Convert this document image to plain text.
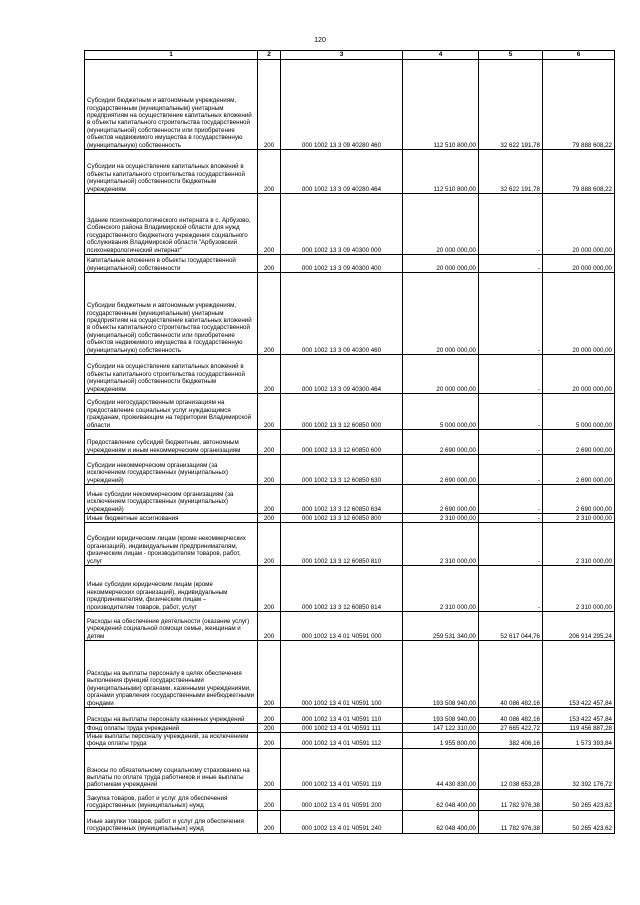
120
1	2	3	4	5	6
Субсидии бюджетным и автономным учреждениям, государственным (муниципальным) унитарным предприятиям на осуществление капитальных вложений в объекты капитального строительства государственной (муниципальной) собственности или приобретение объектов недвижимого имущества в государственную (муниципальную) собственность	200	000 1002 13 3 09 40280 460	112 510 800,00	32 622 191,78	79 888 608,22
Субсидии на осуществление капитальных вложений в объекты капитального строительства государственной (муниципальной) собственности бюджетным учреждениям	200	000 1002 13 3 09 40280 464	112 510 800,00	32 622 191,78	79 888 608,22
Здание психоневрологического интерната в с. Арбузово, Собинского района Владимирской области для нужд государственного бюджетного учреждения социального обслуживания Владимирской области "Арбузовский психоневрологический интернат"	200	000 1002 13 3 09 40300 000	20 000 000,00	-	20 000 000,00
Капитальные вложения в объекты государственной (муниципальной) собственности	200	000 1002 13 3 09 40300 400	20 000 000,00	-	20 000 000,00
Субсидии бюджетным и автономным учреждениям, государственным (муниципальным) унитарным предприятиям на осуществление капитальных вложений в объекты капитального строительства государственной (муниципальной) собственности или приобретение объектов недвижимого имущества в государственную (муниципальную) собственность	200	000 1002 13 3 09 40300 460	20 000 000,00	-	20 000 000,00
Субсидии на осуществление капитальных вложений в объекты капитального строительства государственной (муниципальной) собственности бюджетным учреждениям	200	000 1002 13 3 09 40300 464	20 000 000,00	-	20 000 000,00
Субсидии негосударственным организациям на предоставление социальных услуг нуждающимся гражданам, проживающим на территории Владимирской области	200	000 1002 13 3 12 60850 000	5 000 000,00	-	5 000 000,00
Предоставление субсидий бюджетным, автономным учреждениям и иным некоммерческим организациям	200	000 1002 13 3 12 60850 600	2 690 000,00	-	2 690 000,00
Субсидии некоммерческим организациям (за исключением государственных (муниципальных) учреждений)	200	000 1002 13 3 12 60850 630	2 690 000,00	-	2 690 000,00
Иные субсидии некоммерческим организациям (за исключением государственных (муниципальных) учреждений)	200	000 1002 13 3 12 60850 634	2 690 000,00	-	2 690 000,00
Иные бюджетные ассигнования	200	000 1002 13 3 12 60850 800	2 310 000,00	-	2 310 000,00
Субсидии юридическим лицам (кроме некоммерческих организаций), индивидуальным предпринимателям, физическим лицам - производителям товаров, работ, услуг	200	000 1002 13 3 12 60850 810	2 310 000,00	-	2 310 000,00
Иные субсидии юридическим лицам (кроме некоммерческих организаций), индивидуальным предпринимателям, физическим лицам – производителям товаров, работ, услуг	200	000 1002 13 3 12 60850 814	2 310 000,00	-	2 310 000,00
Расходы на обеспечение деятельности (оказание услуг) учреждений социальной помощи семье, женщинам и детям	200	000 1002 13 4 01 Ч0591 000	259 531 340,00	52 617 044,76	206 914 295,24
Расходы на выплаты персоналу в целях обеспечения выполнения функций государственными (муниципальными) органами, казенными учреждениями, органами управления государственными внебюджетными фондами	200	000 1002 13 4 01 Ч0591 100	193 508 940,00	40 086 482,16	153 422 457,84
Расходы на выплаты персоналу казенных учреждений	200	000 1002 13 4 01 Ч0591 110	193 508 940,00	40 086 482,16	153 422 457,84
Фонд оплаты труда учреждений	200	000 1002 13 4 01 Ч0591 111	147 122 310,00	27 665 422,72	119 456 887,28
Иные выплаты персоналу учреждений, за исключением фонда оплаты труда	200	000 1002 13 4 01 Ч0591 112	1 955 800,00	382 406,16	1 573 393,84
Взносы по обязательному социальному страхованию на выплаты по оплате труда работников и иные выплаты работникам учреждений	200	000 1002 13 4 01 Ч0591 119	44 430 830,00	12 038 653,28	32 392 176,72
Закупка товаров, работ и услуг для обеспечения государственных (муниципальных) нужд	200	000 1002 13 4 01 Ч0591 200	62 048 400,00	11 782 976,38	50 265 423,62
Иные закупки товаров, работ и услуг для обеспечения государственных (муниципальных) нужд	200	000 1002 13 4 01 Ч0591 240	62 048 400,00	11 782 976,38	50 265 423,62
